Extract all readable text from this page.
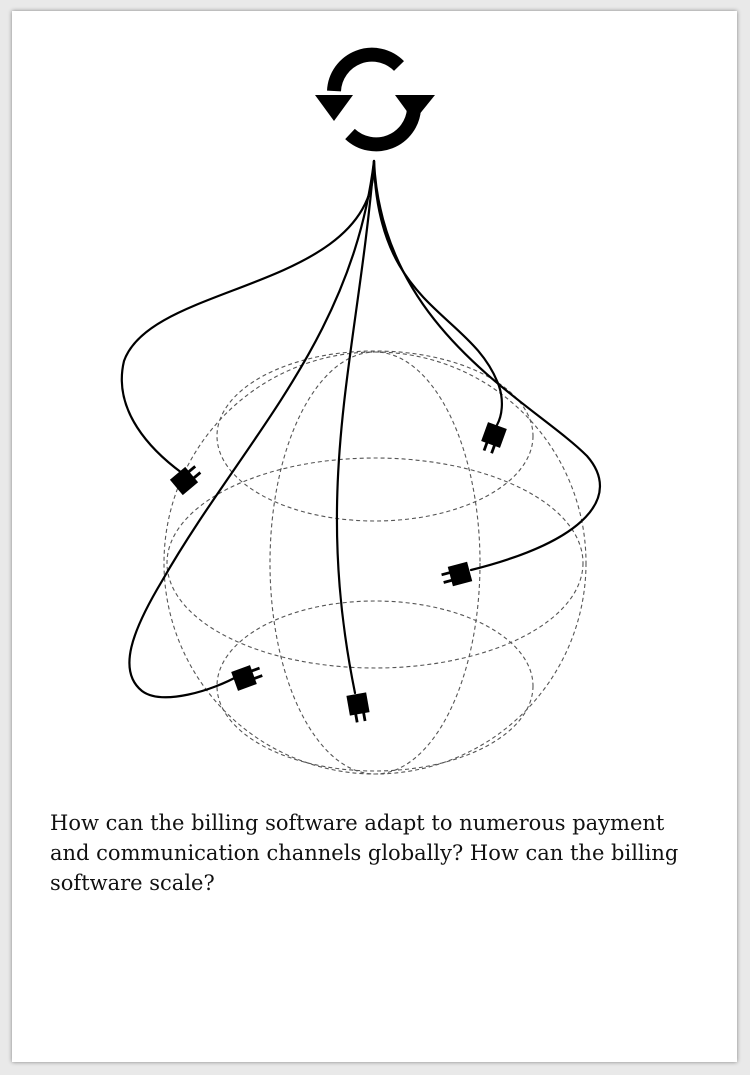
How can the billing software adapt to numerous payment and communication channels globally? How can the billing software scale?
